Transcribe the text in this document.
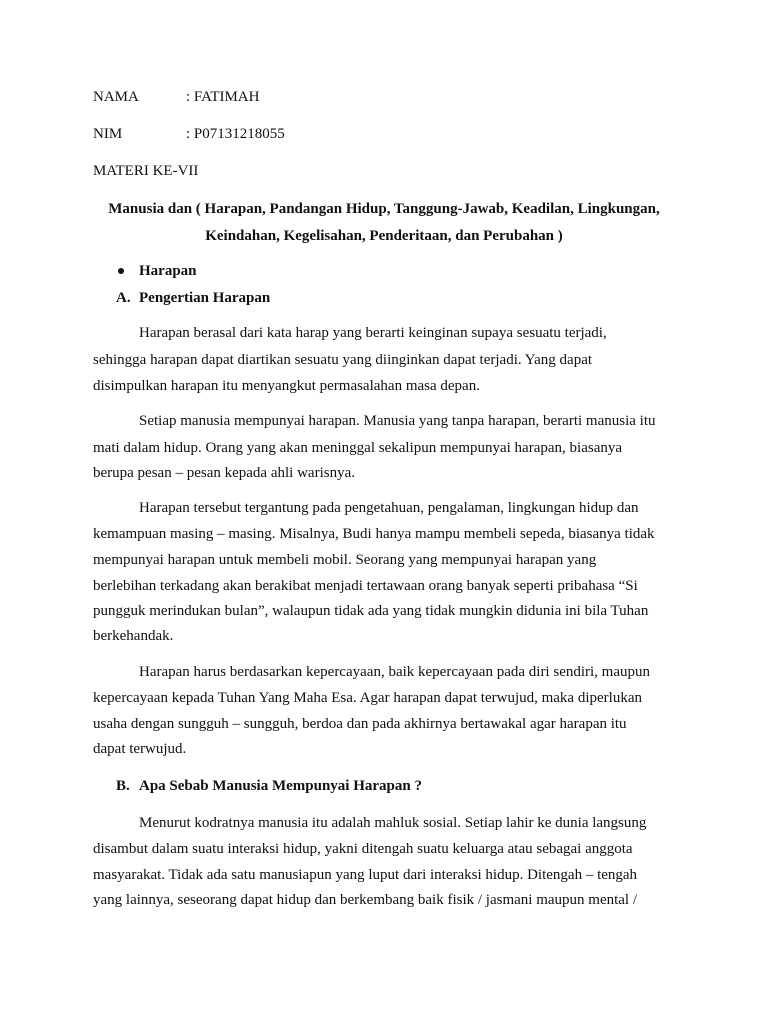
NAMA	: FATIMAH
NIM	: P07131218055
MATERI KE-VII
Manusia dan ( Harapan, Pandangan Hidup, Tanggung-Jawab, Keadilan, Lingkungan,
Keindahan, Kegelisahan, Penderitaan, dan Perubahan )
Harapan
A. Pengertian Harapan
Harapan berasal dari kata harap yang berarti keinginan supaya sesuatu terjadi,
sehingga harapan dapat diartikan sesuatu yang diinginkan dapat terjadi. Yang dapat
disimpulkan harapan itu menyangkut permasalahan masa depan.
Setiap manusia mempunyai harapan. Manusia yang tanpa harapan, berarti manusia itu
mati dalam hidup. Orang yang akan meninggal sekalipun mempunyai harapan, biasanya
berupa pesan – pesan kepada ahli warisnya.
Harapan tersebut tergantung pada pengetahuan, pengalaman, lingkungan hidup dan
kemampuan masing – masing. Misalnya, Budi hanya mampu membeli sepeda, biasanya tidak
mempunyai harapan untuk membeli mobil. Seorang yang mempunyai harapan yang
berlebihan terkadang akan berakibat menjadi tertawaan orang banyak seperti pribahasa “Si
pungguk merindukan bulan”, walaupun tidak ada yang tidak mungkin didunia ini bila Tuhan
berkehandak.
Harapan harus berdasarkan kepercayaan, baik kepercayaan pada diri sendiri, maupun
kepercayaan kepada Tuhan Yang Maha Esa. Agar harapan dapat terwujud, maka diperlukan
usaha dengan sungguh – sungguh, berdoa dan pada akhirnya bertawakal agar harapan itu
dapat terwujud.
B. Apa Sebab Manusia Mempunyai Harapan ?
Menurut kodratnya manusia itu adalah mahluk sosial. Setiap lahir ke dunia langsung
disambut dalam suatu interaksi hidup, yakni ditengah suatu keluarga atau sebagai anggota
masyarakat. Tidak ada satu manusiapun yang luput dari interaksi hidup. Ditengah – tengah
yang lainnya, seseorang dapat hidup dan berkembang baik fisik / jasmani maupun mental /
